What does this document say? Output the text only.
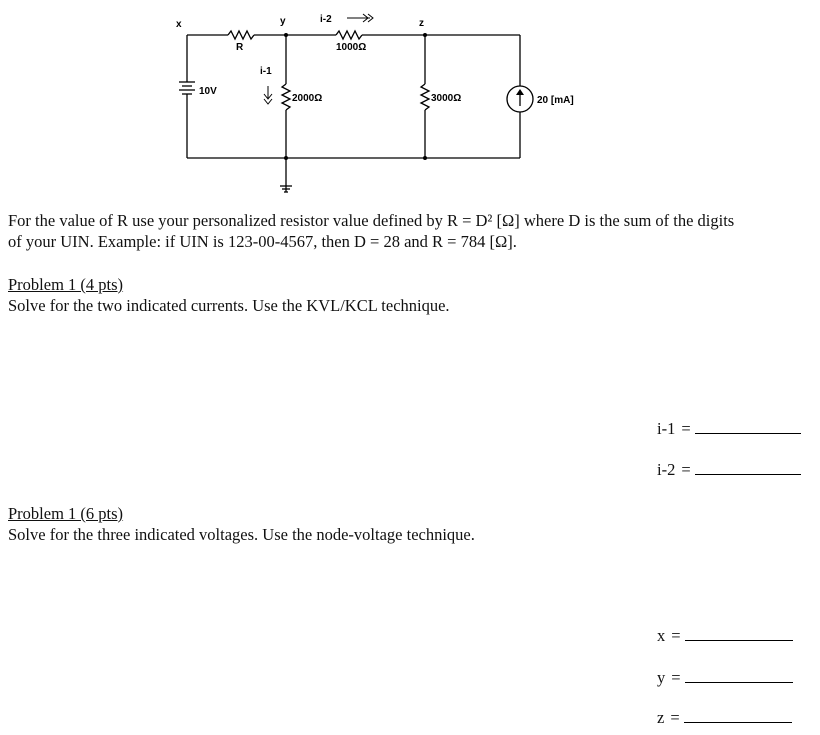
x	y	z
i-2
R	1000Ω
i-1
10V
2000Ω	3000Ω	20 [mA]
For the value of R use your personalized resistor value defined by R = D² [Ω] where D is the sum of the digits
of your UIN. Example: if UIN is 123-00-4567, then D = 28 and R = 784 [Ω].
Problem 1 (4 pts)
Solve for the two indicated currents. Use the KVL/KCL technique.
Problem 1 (6 pts)
Solve for the three indicated voltages. Use the node-voltage technique.
i-1 =
i-2 =
x =
y =
z =
